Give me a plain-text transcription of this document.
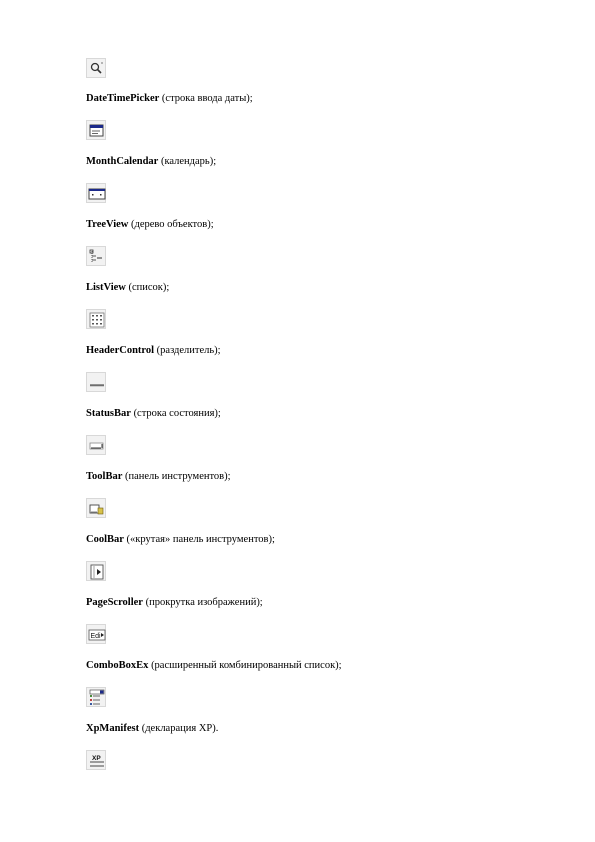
DateTimePicker (строка ввода даты);
MonthCalendar (календарь);
TreeView (дерево объектов);
ListView (список);
HeaderControl (разделитель);
StatusBar (строка состояния);
ToolBar (панель инструментов);
CoolBar («крутая» панель инструментов);
PageScroller (прокрутка изображений);
Edi
ComboBoxEx (расширенный комбинированный список);
XpManifest (декларация XP).
XP
